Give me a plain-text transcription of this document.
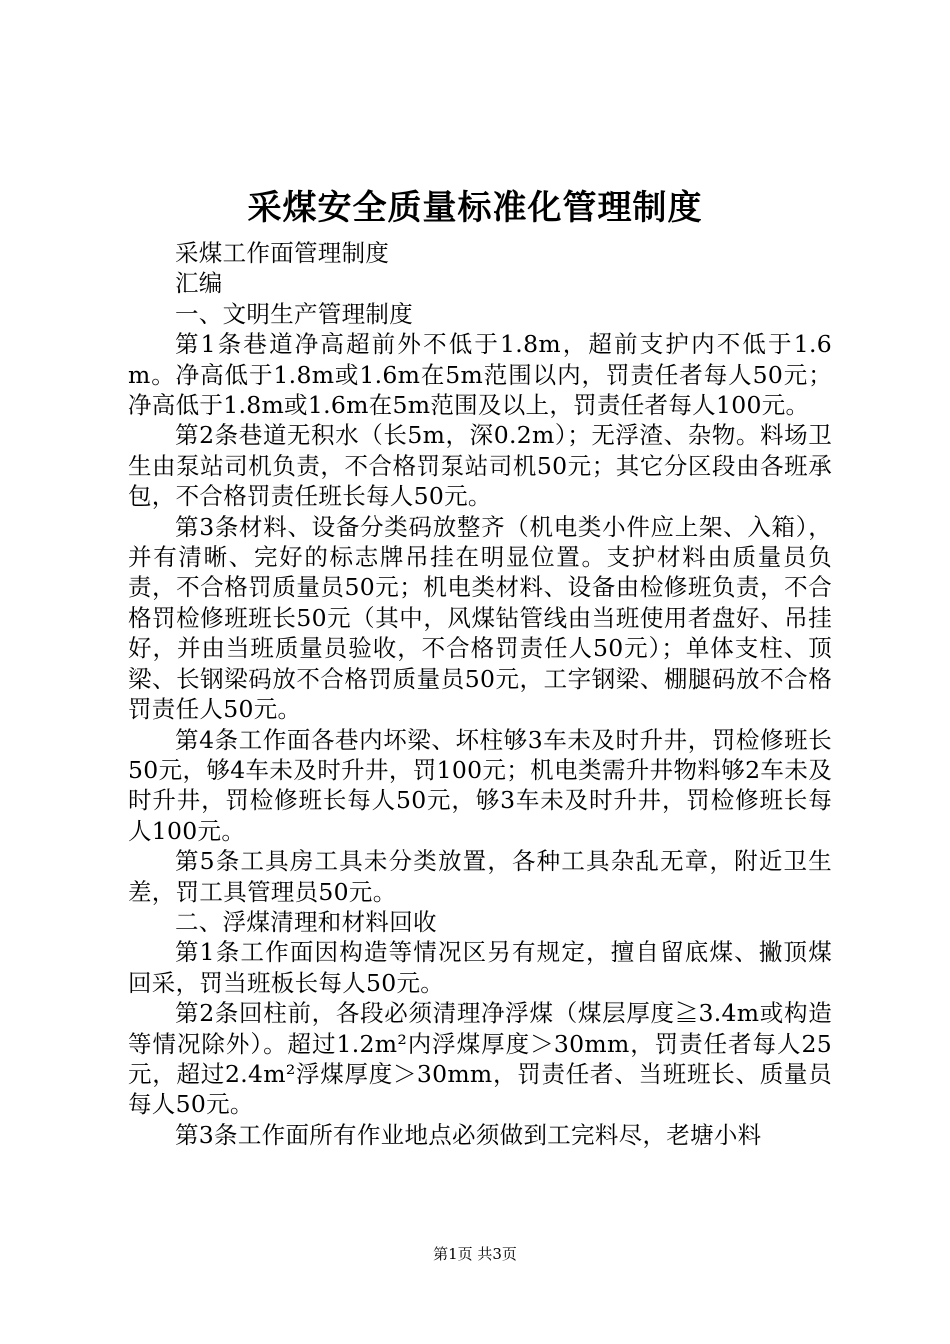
采煤安全质量标准化管理制度

采煤工作面管理制度

汇编

一、文明生产管理制度

第1条巷道净高超前外不低于1.8m，超前支护内不低于1.6m。净高低于1.8m或1.6m在5m范围以内，罚责任者每人50元；净高低于1.8m或1.6m在5m范围及以上，罚责任者每人100元。

第2条巷道无积水（长5m，深0.2m）；无浮渣、杂物。料场卫生由泵站司机负责，不合格罚泵站司机50元；其它分区段由各班承包，不合格罚责任班长每人50元。

第3条材料、设备分类码放整齐（机电类小件应上架、入箱），并有清晰、完好的标志牌吊挂在明显位置。支护材料由质量员负责，不合格罚质量员50元；机电类材料、设备由检修班负责，不合格罚检修班班长50元（其中，风煤钻管线由当班使用者盘好、吊挂好，并由当班质量员验收，不合格罚责任人50元）；单体支柱、顶梁、长钢梁码放不合格罚质量员50元，工字钢梁、棚腿码放不合格罚责任人50元。

第4条工作面各巷内坏梁、坏柱够3车未及时升井，罚检修班长50元，够4车未及时升井，罚100元；机电类需升井物料够2车未及时升井，罚检修班长每人50元，够3车未及时升井，罚检修班长每人100元。

第5条工具房工具未分类放置，各种工具杂乱无章，附近卫生差，罚工具管理员50元。

二、浮煤清理和材料回收

第1条工作面因构造等情况区另有规定，擅自留底煤、撇顶煤回采，罚当班板长每人50元。

第2条回柱前，各段必须清理净浮煤（煤层厚度≧3.4m或构造等情况除外）。超过1.2m²内浮煤厚度＞30mm，罚责任者每人25元，超过2.4m²浮煤厚度＞30mm，罚责任者、当班班长、质量员每人50元。

第3条工作面所有作业地点必须做到工完料尽，老塘小料

第1页 共3页
